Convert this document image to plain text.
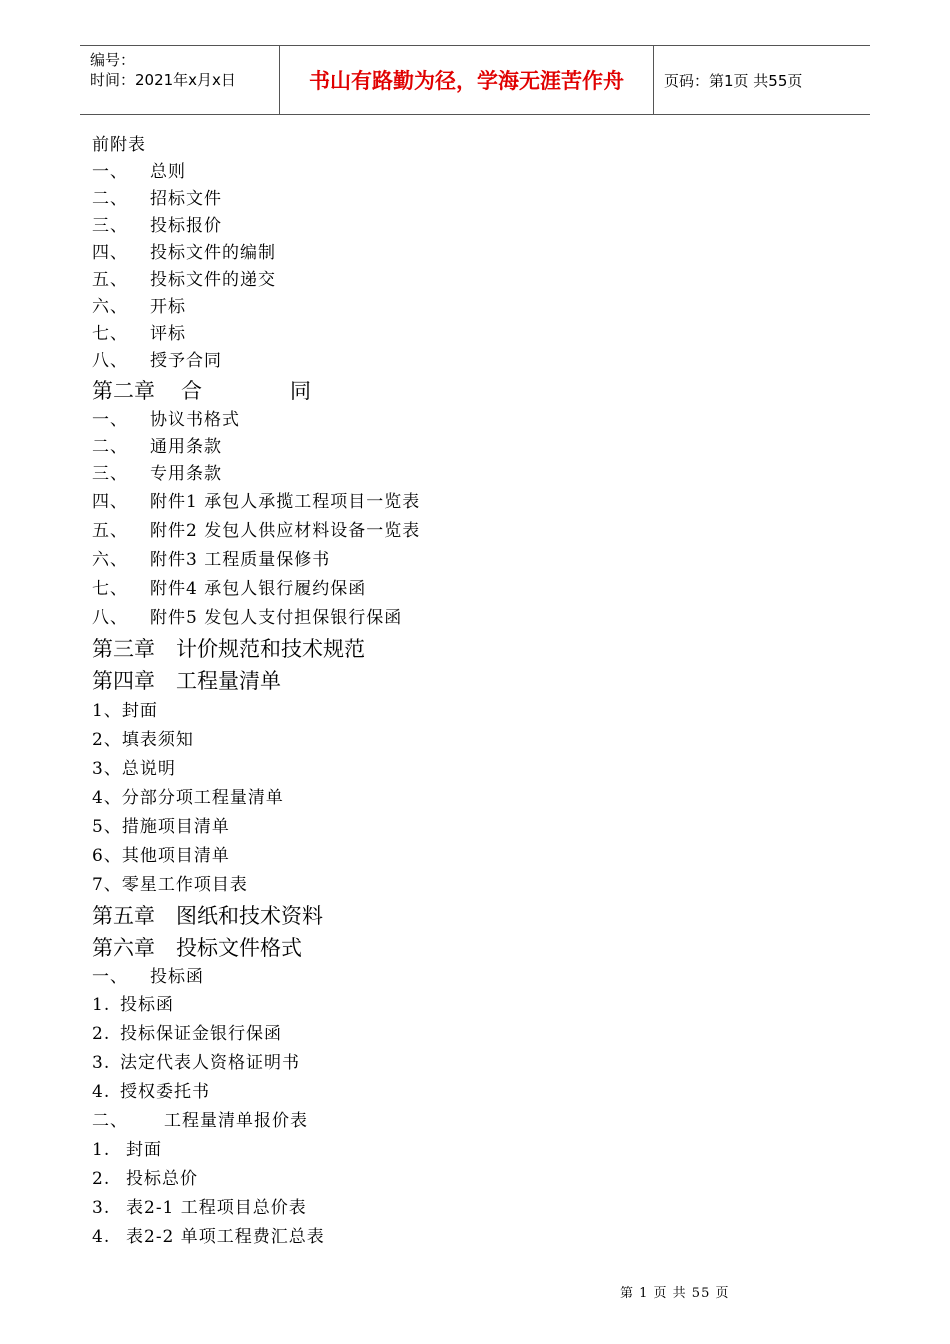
编号：
时间：2021年x月x日	书山有路勤为径，学海无涯苦作舟	页码：第1页 共55页
前附表
一、 总则
二、 招标文件
三、 投标报价
四、 投标文件的编制
五、 投标文件的递交
六、 开标
七、 评标
八、 授予合同
第二章 合	同
一、 协议书格式
二、 通用条款
三、 专用条款
四、 附件1 承包人承揽工程项目一览表
五、 附件2 发包人供应材料设备一览表
六、 附件3 工程质量保修书
七、 附件4 承包人银行履约保函
八、 附件5 发包人支付担保银行保函
第三章　计价规范和技术规范
第四章　工程量清单
1、封面
2、填表须知
3、总说明
4、分部分项工程量清单
5、措施项目清单
6、其他项目清单
7、零星工作项目表
第五章　图纸和技术资料
第六章　投标文件格式
一、 投标函
1. 投标函
2. 投标保证金银行保函
3. 法定代表人资格证明书
4. 授权委托书
二、 工程量清单报价表
1. 封面
2. 投标总价
3. 表2-1 工程项目总价表
4. 表2-2 单项工程费汇总表
第 1 页 共 55 页
